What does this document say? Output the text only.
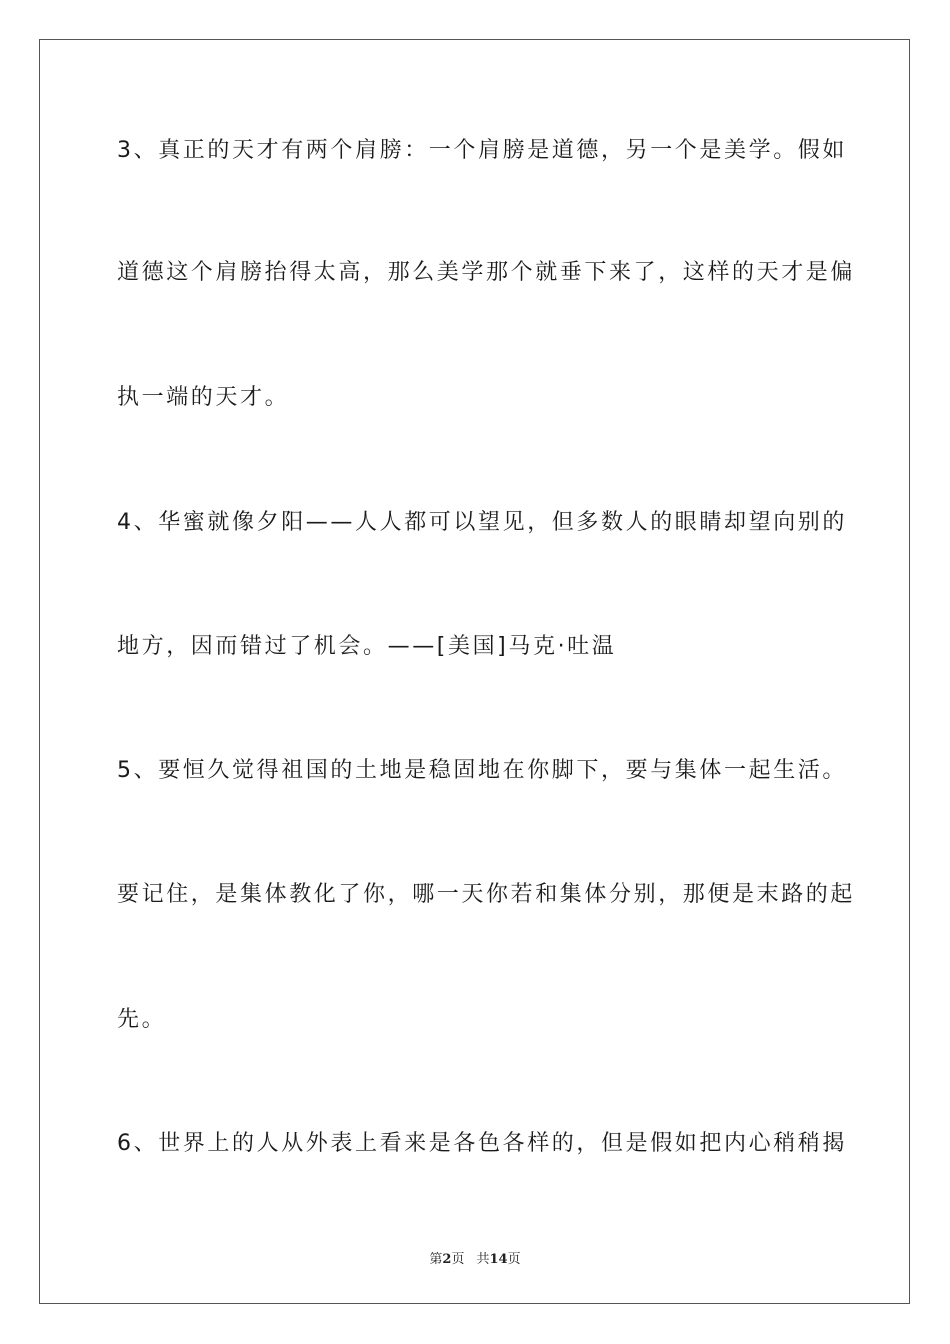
3、真正的天才有两个肩膀：一个肩膀是道德，另一个是美学。假如
道德这个肩膀抬得太高，那么美学那个就垂下来了，这样的天才是偏
执一端的天才。
4、华蜜就像夕阳——人人都可以望见，但多数人的眼睛却望向别的
地方，因而错过了机会。——[美国]马克·吐温
5、要恒久觉得祖国的土地是稳固地在你脚下，要与集体一起生活。
要记住，是集体教化了你，哪一天你若和集体分别，那便是末路的起
先。
6、世界上的人从外表上看来是各色各样的，但是假如把内心稍稍揭
第2页 共14页
